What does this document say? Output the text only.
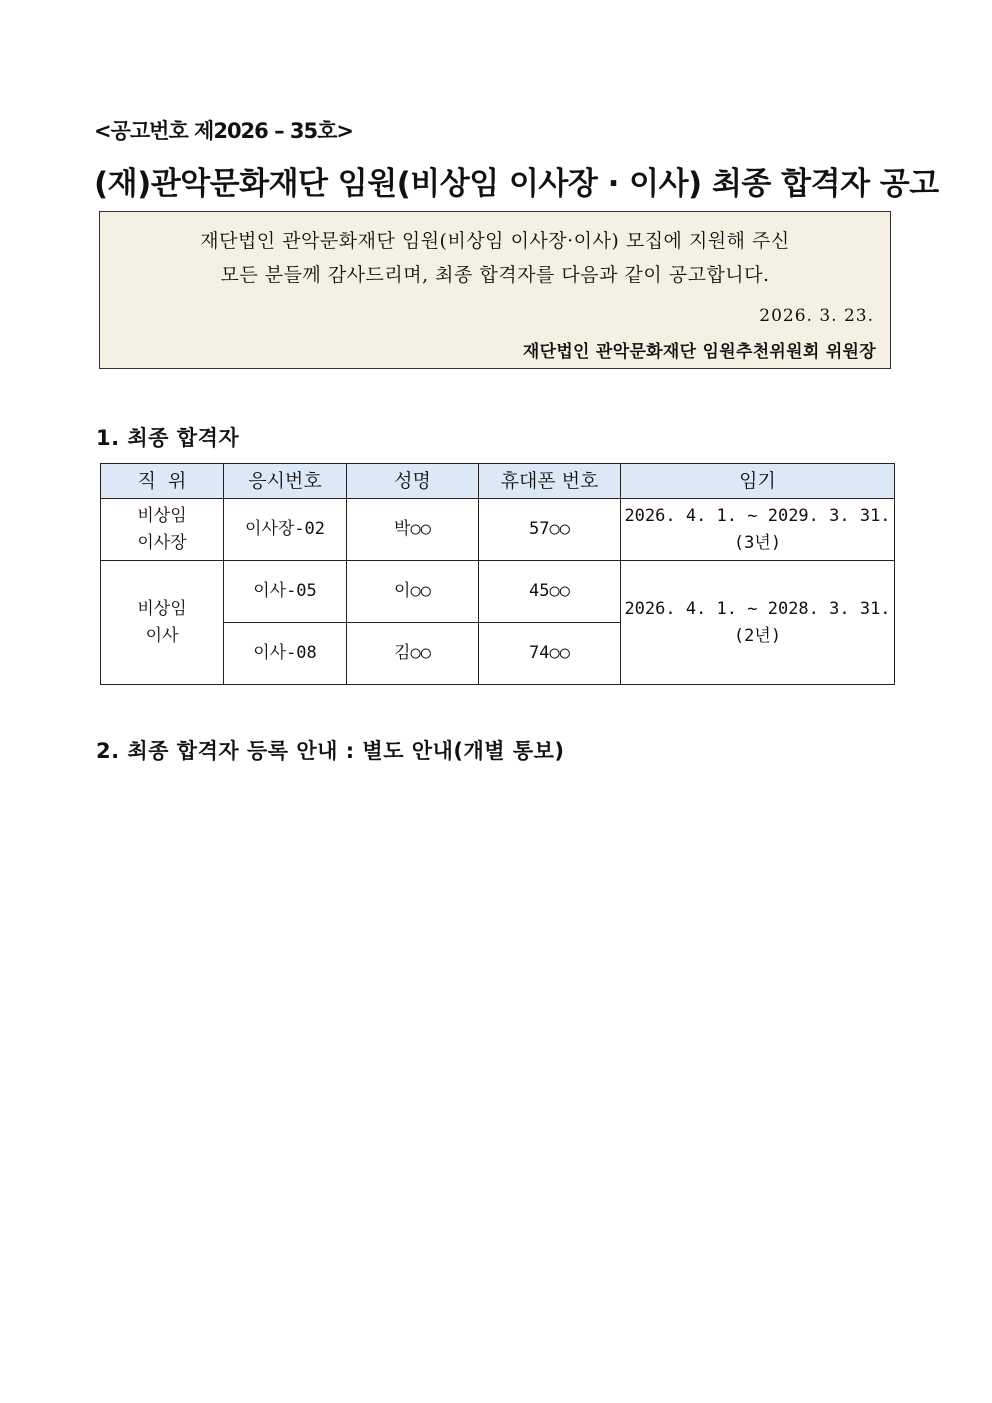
<공고번호 제2026 – 35호>
(재)관악문화재단 임원(비상임 이사장 · 이사) 최종 합격자 공고
재단법인 관악문화재단 임원(비상임 이사장·이사) 모집에 지원해 주신
모든 분들께 감사드리며, 최종 합격자를 다음과 같이 공고합니다.
2026. 3. 23.
재단법인 관악문화재단 임원추천위원회 위원장
1. 최종 합격자
직  위	응시번호	성명	휴대폰 번호	임기

비상임
이사장	이사장-02	박○○	57○○	2026. 4. 1. ~ 2029. 3. 31.
(3년)

비상임
이사	이사-05	이○○	45○○	2026. 4. 1. ~ 2028. 3. 31.
(2년)

	이사-08	김○○	74○○	
2. 최종 합격자 등록 안내 : 별도 안내(개별 통보)
